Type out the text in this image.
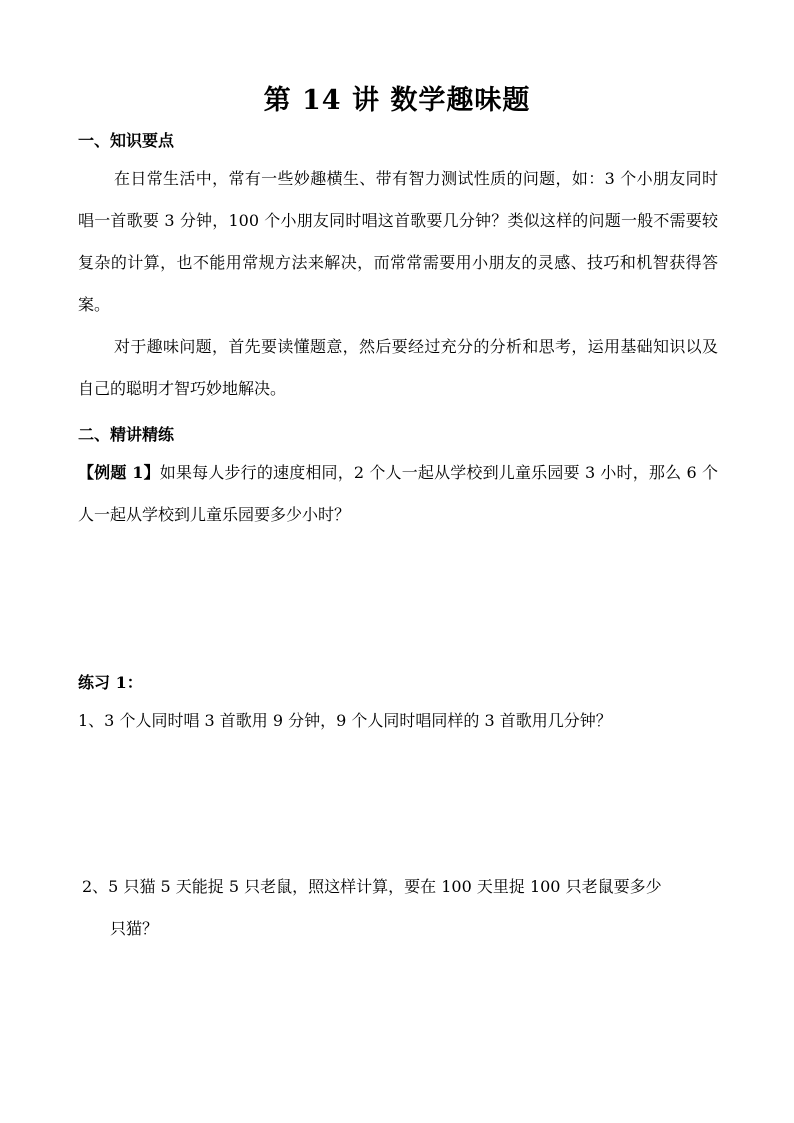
第 14 讲 数学趣味题
一、知识要点
在日常生活中，常有一些妙趣横生、带有智力测试性质的问题，如：3 个小朋友同时唱一首歌要 3 分钟，100 个小朋友同时唱这首歌要几分钟？类似这样的问题一般不需要较复杂的计算，也不能用常规方法来解决，而常常需要用小朋友的灵感、技巧和机智获得答案。
对于趣味问题，首先要读懂题意，然后要经过充分的分析和思考，运用基础知识以及自己的聪明才智巧妙地解决。
二、精讲精练
【例题 1】如果每人步行的速度相同，2 个人一起从学校到儿童乐园要 3 小时，那么 6 个人一起从学校到儿童乐园要多少小时？
练习 1：
1、3 个人同时唱 3 首歌用 9 分钟，9 个人同时唱同样的 3 首歌用几分钟？
2、5 只猫 5 天能捉 5 只老鼠，照这样计算，要在 100 天里捉 100 只老鼠要多少
只猫？
